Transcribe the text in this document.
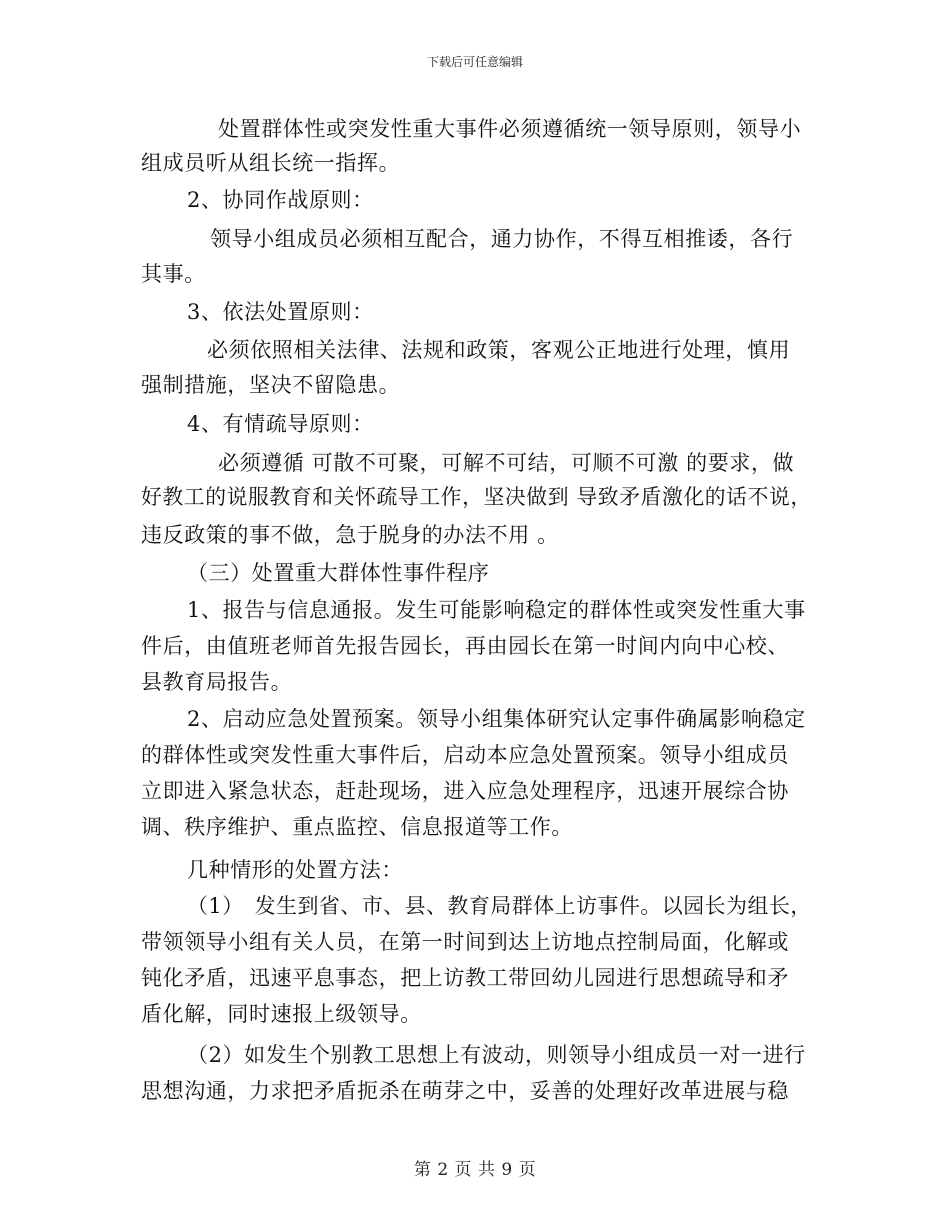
下载后可任意编辑
处置群体性或突发性重大事件必须遵循统一领导原则，领导小
组成员听从组长统一指挥。
2、协同作战原则：
领导小组成员必须相互配合，通力协作，不得互相推诿，各行
其事。
3、依法处置原则：
必须依照相关法律、法规和政策，客观公正地进行处理，慎用
强制措施，坚决不留隐患。
4、有情疏导原则：
必须遵循 可散不可聚，可解不可结，可顺不可激 的要求，做
好教工的说服教育和关怀疏导工作，坚决做到 导致矛盾激化的话不说，
违反政策的事不做，急于脱身的办法不用 。
（三）处置重大群体性事件程序
1、报告与信息通报。发生可能影响稳定的群体性或突发性重大事
件后，由值班老师首先报告园长，再由园长在第一时间内向中心校、
县教育局报告。
2、启动应急处置预案。领导小组集体研究认定事件确属影响稳定
的群体性或突发性重大事件后，启动本应急处置预案。领导小组成员
立即进入紧急状态，赶赴现场，进入应急处理程序，迅速开展综合协
调、秩序维护、重点监控、信息报道等工作。
几种情形的处置方法：
（1）　发生到省、市、县、教育局群体上访事件。以园长为组长，
带领领导小组有关人员，在第一时间到达上访地点控制局面，化解或
钝化矛盾，迅速平息事态，把上访教工带回幼儿园进行思想疏导和矛
盾化解，同时速报上级领导。
（2）如发生个别教工思想上有波动，则领导小组成员一对一进行
思想沟通，力求把矛盾扼杀在萌芽之中，妥善的处理好改革进展与稳
第 2 页 共 9 页
